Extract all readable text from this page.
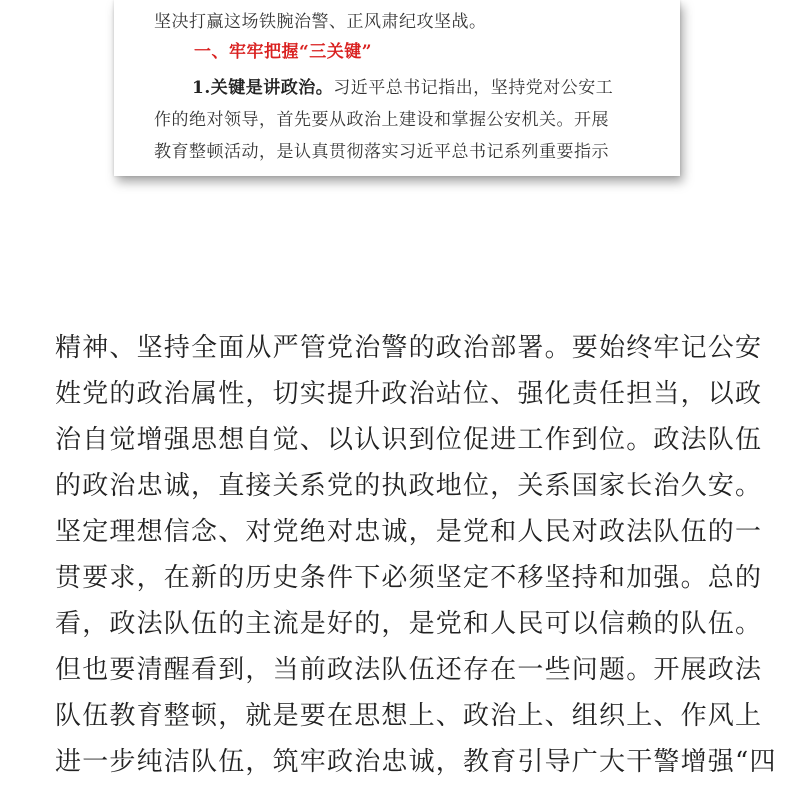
坚决打赢这场铁腕治警、正风肃纪攻坚战。
一、牢牢把握“三关键”
1.关键是讲政治。习近平总书记指出，坚持党对公安工
作的绝对领导，首先要从政治上建设和掌握公安机关。开展
教育整顿活动，是认真贯彻落实习近平总书记系列重要指示
精神、坚持全面从严管党治警的政治部署。要始终牢记公安
姓党的政治属性，切实提升政治站位、强化责任担当，以政
治自觉增强思想自觉、以认识到位促进工作到位。政法队伍
的政治忠诚，直接关系党的执政地位，关系国家长治久安。
坚定理想信念、对党绝对忠诚，是党和人民对政法队伍的一
贯要求，在新的历史条件下必须坚定不移坚持和加强。总的
看，政法队伍的主流是好的，是党和人民可以信赖的队伍。
但也要清醒看到，当前政法队伍还存在一些问题。开展政法
队伍教育整顿，就是要在思想上、政治上、组织上、作风上
进一步纯洁队伍，筑牢政治忠诚，教育引导广大干警增强“四
